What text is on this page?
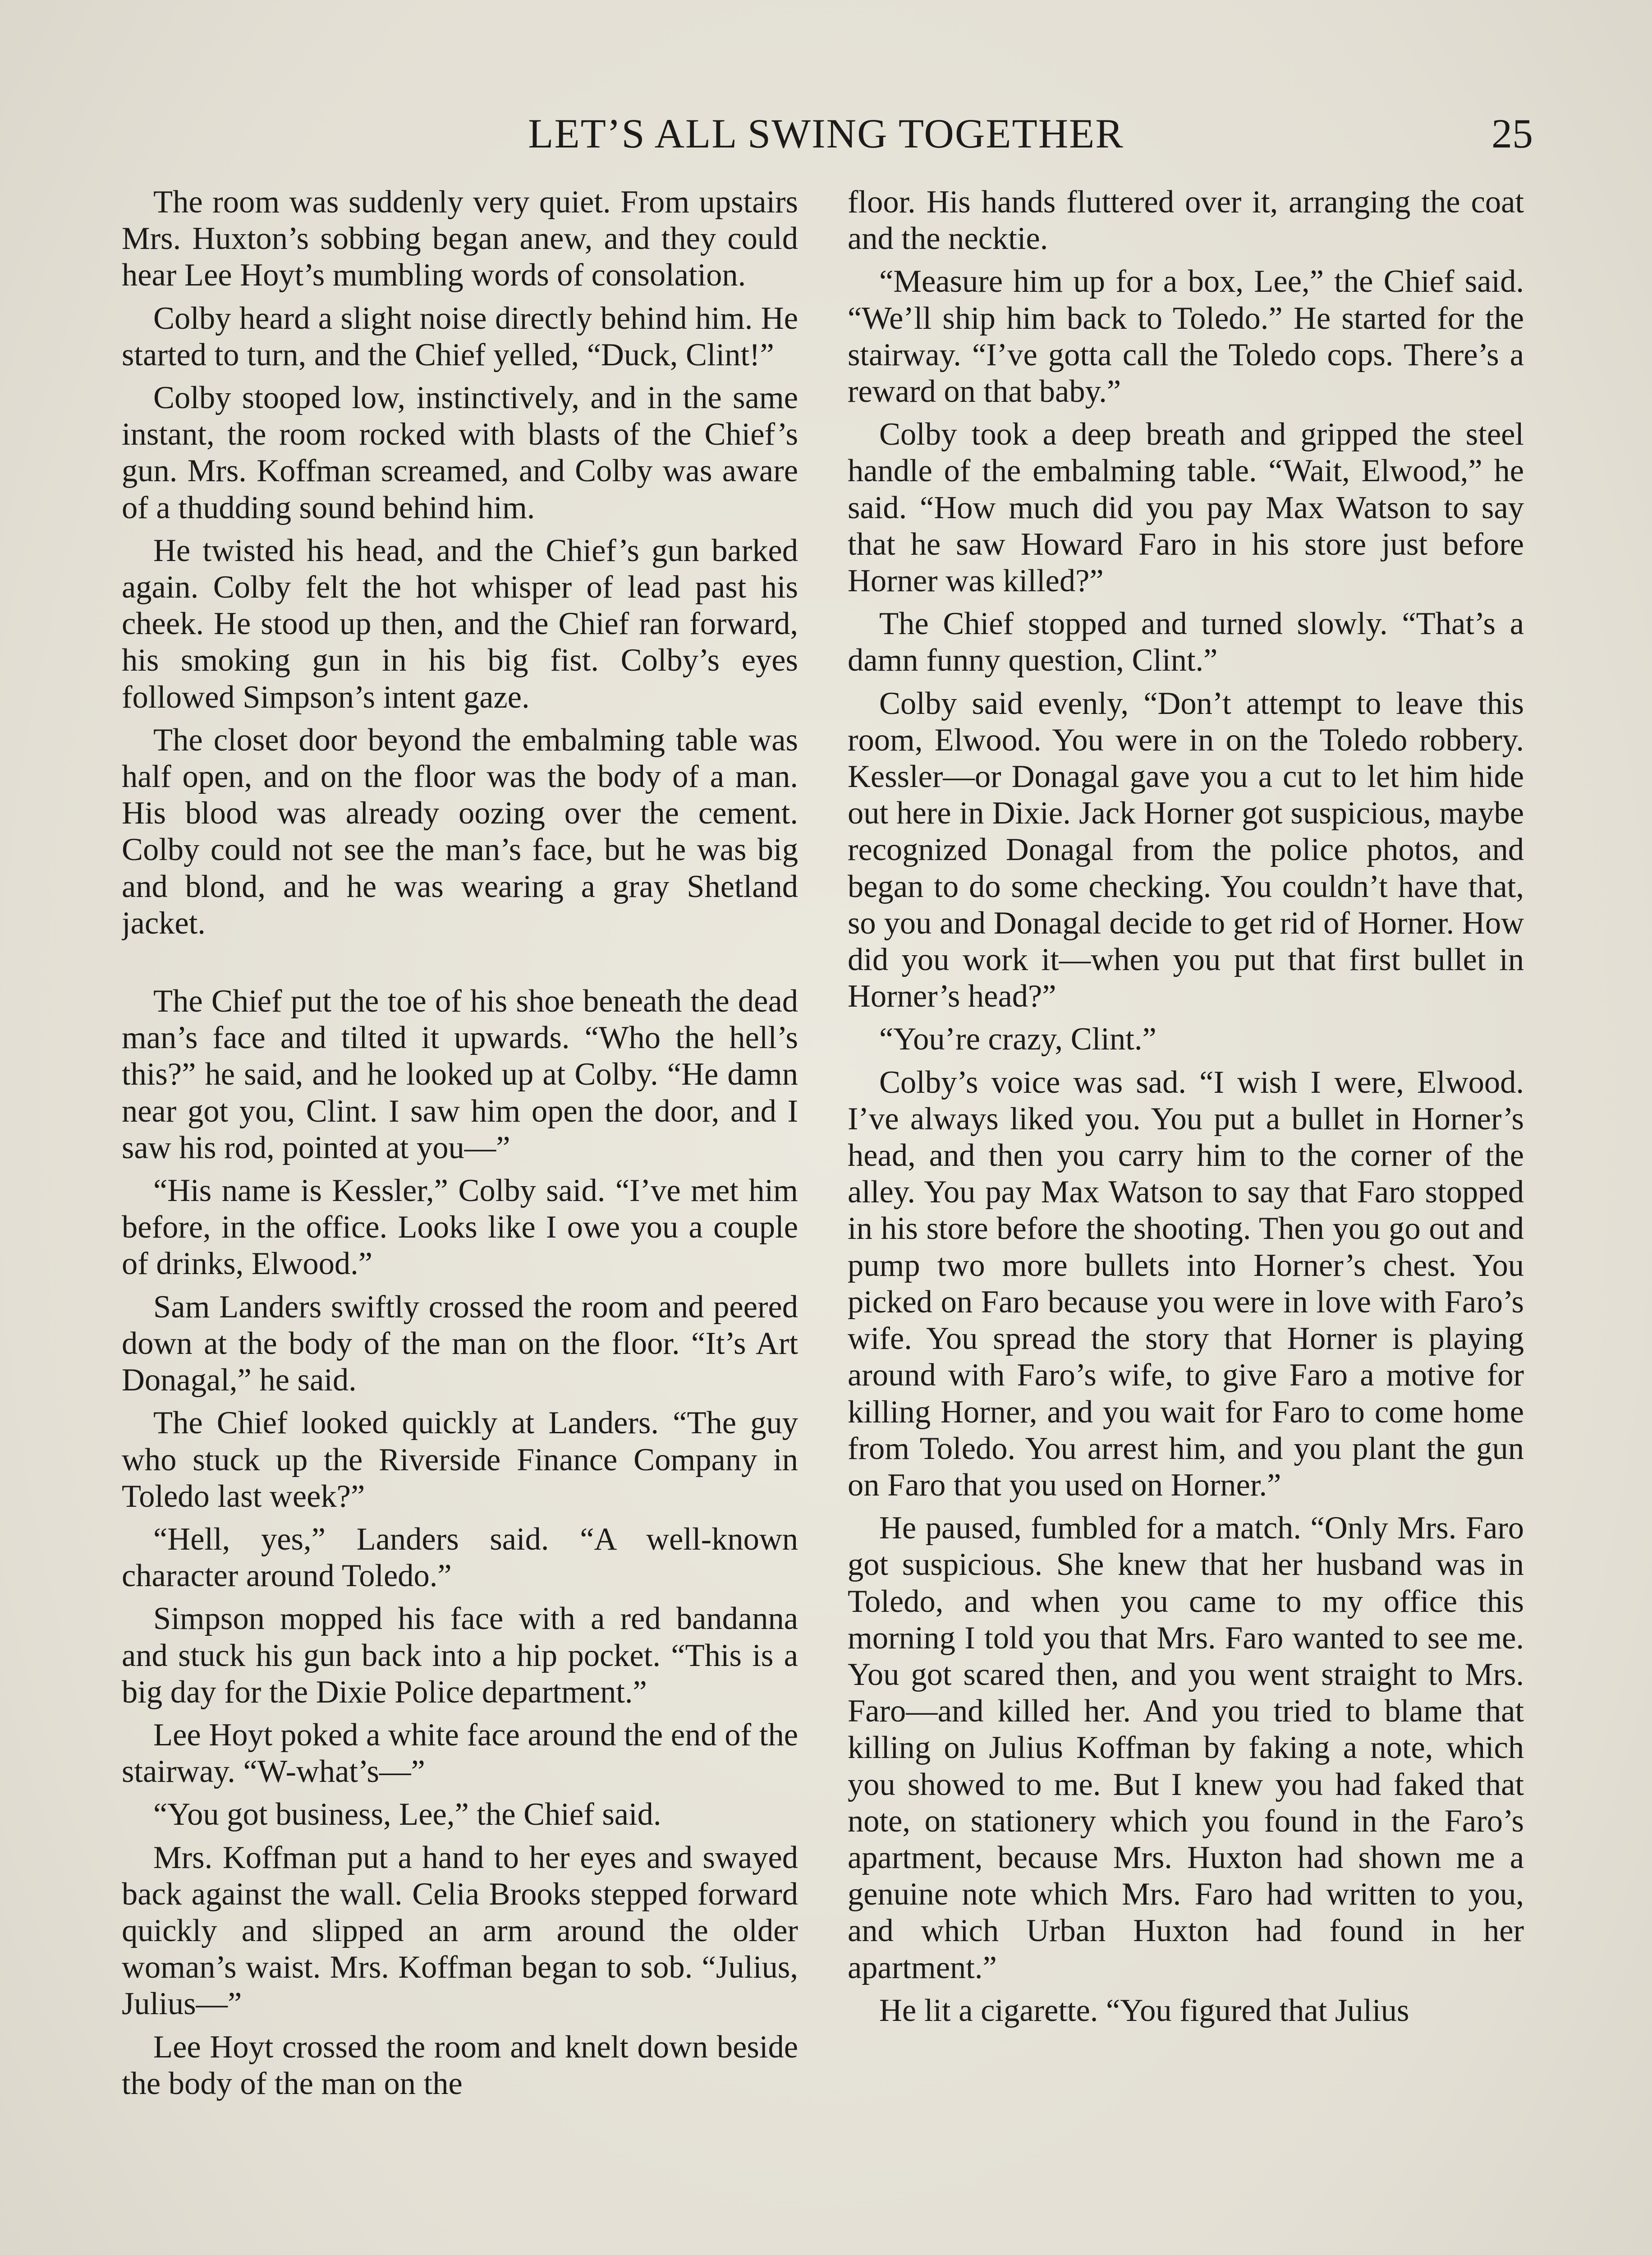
LET’S ALL SWING TOGETHER	25

The room was suddenly very quiet. From upstairs Mrs. Huxton’s sobbing began anew, and they could hear Lee Hoyt’s mumbling words of consolation.

Colby heard a slight noise directly behind him. He started to turn, and the Chief yelled, “Duck, Clint!”

Colby stooped low, instinctively, and in the same instant, the room rocked with blasts of the Chief’s gun. Mrs. Koffman screamed, and Colby was aware of a thudding sound behind him.

He twisted his head, and the Chief’s gun barked again. Colby felt the hot whisper of lead past his cheek. He stood up then, and the Chief ran forward, his smoking gun in his big fist. Colby’s eyes followed Simpson’s intent gaze.

The closet door beyond the embalming table was half open, and on the floor was the body of a man. His blood was already oozing over the cement. Colby could not see the man’s face, but he was big and blond, and he was wearing a gray Shetland jacket.

The Chief put the toe of his shoe beneath the dead man’s face and tilted it upwards. “Who the hell’s this?” he said, and he looked up at Colby. “He damn near got you, Clint. I saw him open the door, and I saw his rod, pointed at you—”

“His name is Kessler,” Colby said. “I’ve met him before, in the office. Looks like I owe you a couple of drinks, Elwood.”

Sam Landers swiftly crossed the room and peered down at the body of the man on the floor. “It’s Art Donagal,” he said.

The Chief looked quickly at Landers. “The guy who stuck up the Riverside Finance Company in Toledo last week?”

“Hell, yes,” Landers said. “A well-known character around Toledo.”

Simpson mopped his face with a red bandanna and stuck his gun back into a hip pocket. “This is a big day for the Dixie Police department.”

Lee Hoyt poked a white face around the end of the stairway. “W-what’s—”

“You got business, Lee,” the Chief said.

Mrs. Koffman put a hand to her eyes and swayed back against the wall. Celia Brooks stepped forward quickly and slipped an arm around the older woman’s waist. Mrs. Koffman began to sob. “Julius, Julius—”

Lee Hoyt crossed the room and knelt down beside the body of the man on the

floor. His hands fluttered over it, arranging the coat and the necktie.

“Measure him up for a box, Lee,” the Chief said. “We’ll ship him back to Toledo.” He started for the stairway. “I’ve gotta call the Toledo cops. There’s a reward on that baby.”

Colby took a deep breath and gripped the steel handle of the embalming table. “Wait, Elwood,” he said. “How much did you pay Max Watson to say that he saw Howard Faro in his store just before Horner was killed?”

The Chief stopped and turned slowly. “That’s a damn funny question, Clint.”

Colby said evenly, “Don’t attempt to leave this room, Elwood. You were in on the Toledo robbery. Kessler—or Donagal gave you a cut to let him hide out here in Dixie. Jack Horner got suspicious, maybe recognized Donagal from the police photos, and began to do some checking. You couldn’t have that, so you and Donagal decide to get rid of Horner. How did you work it—when you put that first bullet in Horner’s head?”

“You’re crazy, Clint.”

Colby’s voice was sad. “I wish I were, Elwood. I’ve always liked you. You put a bullet in Horner’s head, and then you carry him to the corner of the alley. You pay Max Watson to say that Faro stopped in his store before the shooting. Then you go out and pump two more bullets into Horner’s chest. You picked on Faro because you were in love with Faro’s wife. You spread the story that Horner is playing around with Faro’s wife, to give Faro a motive for killing Horner, and you wait for Faro to come home from Toledo. You arrest him, and you plant the gun on Faro that you used on Horner.”

He paused, fumbled for a match. “Only Mrs. Faro got suspicious. She knew that her husband was in Toledo, and when you came to my office this morning I told you that Mrs. Faro wanted to see me. You got scared then, and you went straight to Mrs. Faro—and killed her. And you tried to blame that killing on Julius Koffman by faking a note, which you showed to me. But I knew you had faked that note, on stationery which you found in the Faro’s apartment, because Mrs. Huxton had shown me a genuine note which Mrs. Faro had written to you, and which Urban Huxton had found in her apartment.”

He lit a cigarette. “You figured that Julius
